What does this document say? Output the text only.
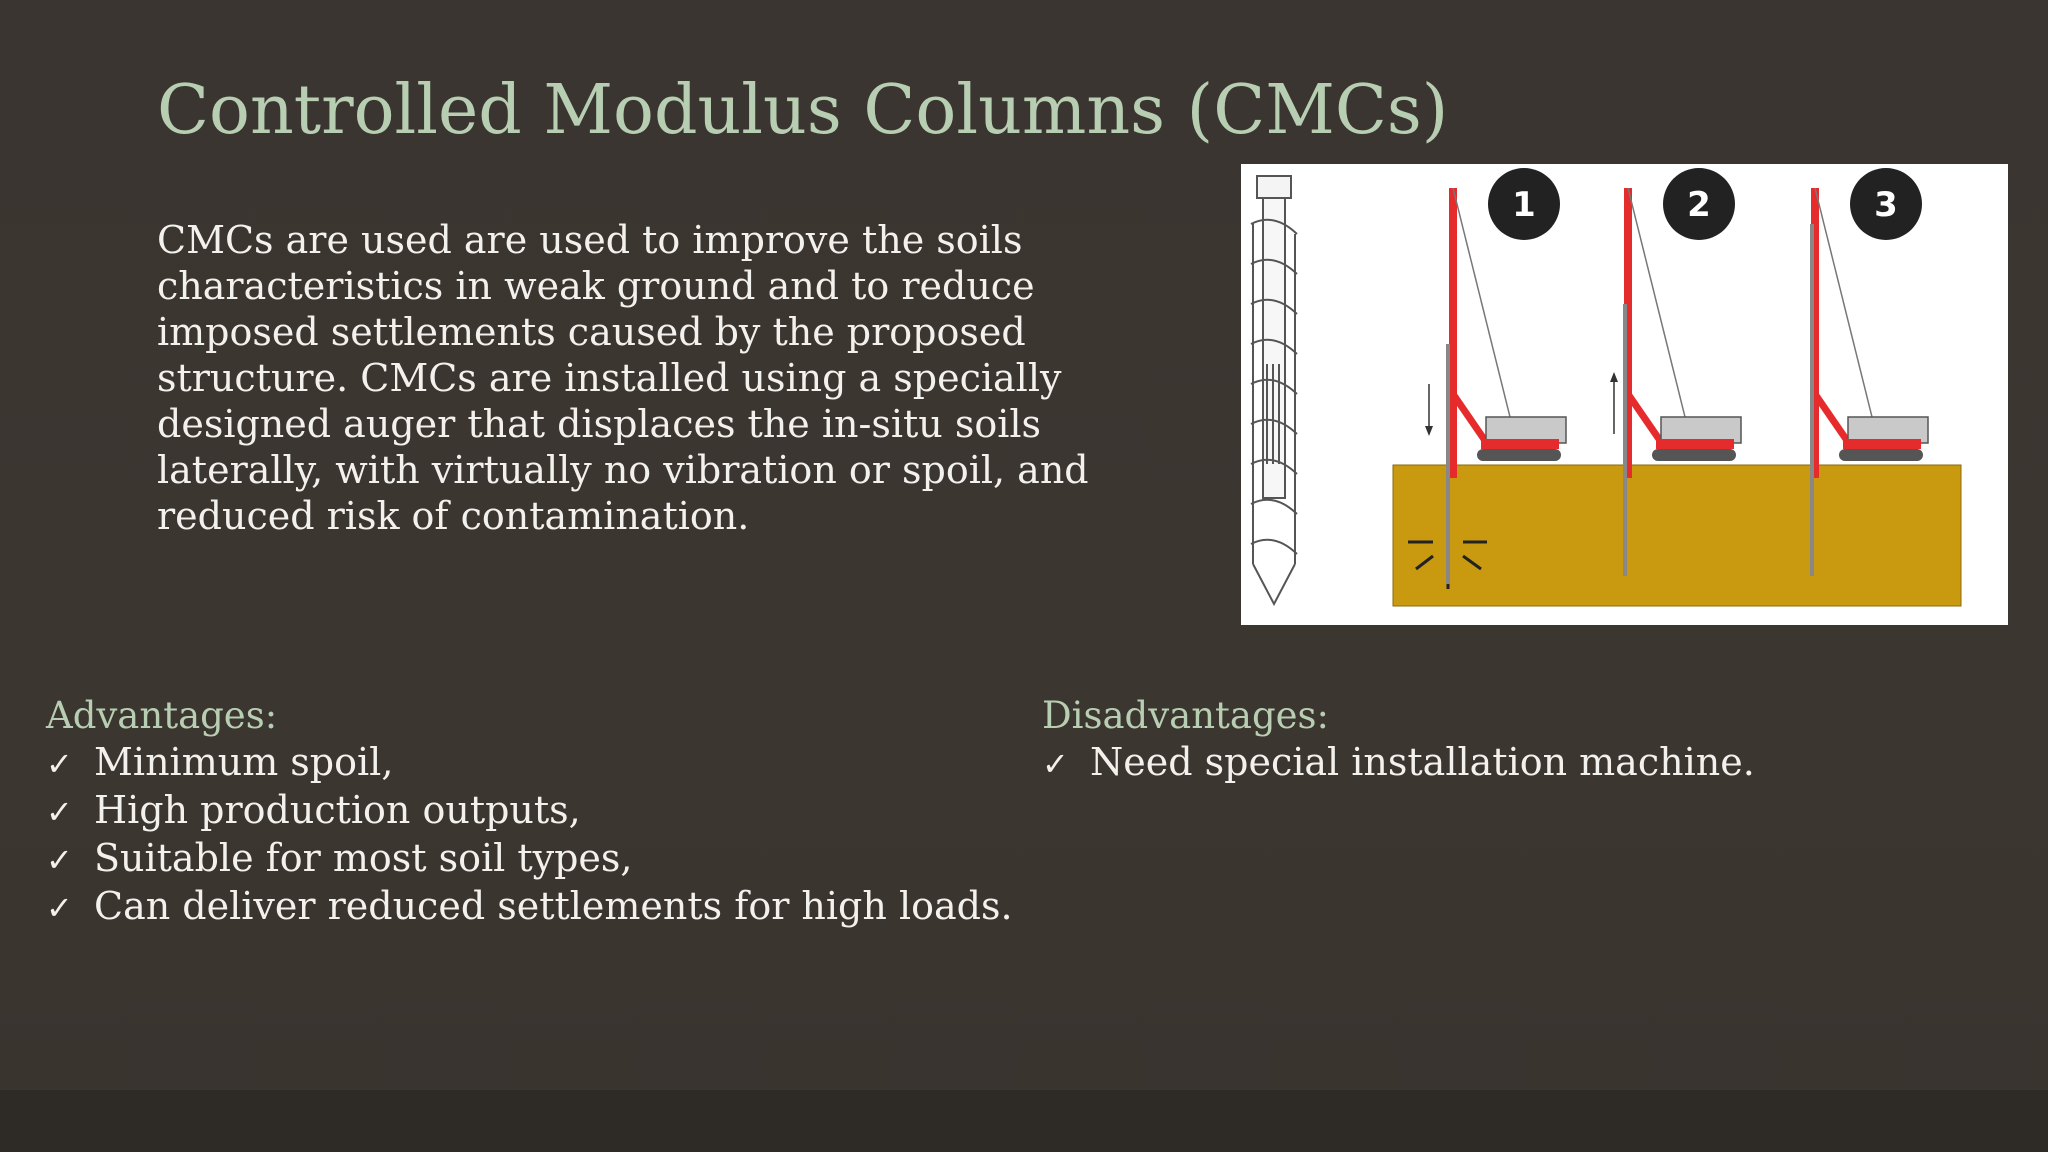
Controlled Modulus Columns (CMCs)

CMCs are used are used to improve the soils characteristics in weak ground and to reduce imposed settlements caused by the proposed structure. CMCs are installed using a specially designed auger that displaces the in-situ soils laterally, with virtually no vibration or spoil, and reduced risk of contamination.

1	2	3
Advantages:
✓ Minimum spoil,
✓ High production outputs,
✓ Suitable for most soil types,
✓ Can deliver reduced settlements for high loads.
Disadvantages:
✓ Need special installation machine.
